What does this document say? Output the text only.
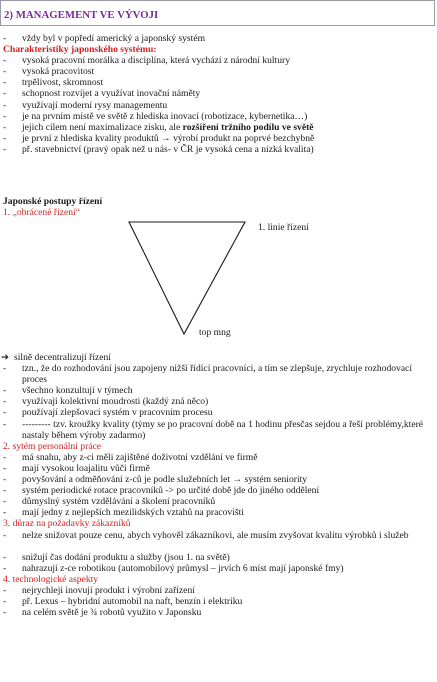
2) MANAGEMENT VE VÝVOJI
- vždy byl v popředí americký a japonský systém
Charakteristiky japonského systému:
- vysoká pracovní morálka a disciplína, která vychází z národní kultury
- vysoká pracovitost
- trpělivost, skromnost
- schopnost rozvíjet a využívat inovační náměty
- využívají moderní rysy managementu
- je na prvním místě ve světě z hlediska inovací (robotizace, kybernetika…)
- jejich cílem není maximalizace zisku, ale rozšíření tržního podílu ve světě
- je první z hlediska kvality produktů → výrobí produkt na poprvé bezchybně
- př. stavebnictví (pravý opak než u nás- v ČR je vysoká cena a nízká kvalita)
Japonské postupy řízení
1. „obrácené řízení“
1. linie řízení
top mng
➔ silně decentralizují řízení
- tzn., že do rozhodování jsou zapojeny nižší řídící pracovníci, a tím se zlepšuje, zrychluje rozhodovací proces
- všechno konzultují v týmech
- využívají kolektivní moudrosti (každý zná něco)
- používají zlepšovací systém v pracovním procesu
- --------- tzv. kroužky kvality (týmy se po pracovní době na 1 hodinu přesčas sejdou a řeší problémy,které nastaly během výroby zadarmo)
2. sytém personální práce
- má snahu, aby z-ci měli zajištěné doživotní vzdělání ve firmě
- mají vysokou loajalitu vůči firmě
- povyšování a odměňování z-ců je podle služebních let → systém seniority
- systém periodické rotace pracovníků -> po určité době jde do jiného oddělení
- důmyslný systém vzdělávání a školení pracovníků
- mají jedny z nejlepších mezilidských vztahů na pracovišti
3. důraz na požadavky zákazníků
- nelze snižovat pouze cenu, abych vyhověl zákazníkovi, ale musím zvyšovat kvalitu výrobků i služeb
- snižují čas dodání produktu a služby (jsou 1. na světě)
- nahrazují z-ce robotikou (automobilový průmysl – jrvích 6 míst mají japonské fmy)
4. technologické aspekty
- nejrychleji inovují produkt i výrobní zařízení
- př. Lexus – hybridní automobil na naft, benzín i elektriku
- na celém světě je ¾ robotů využito v Japonsku
